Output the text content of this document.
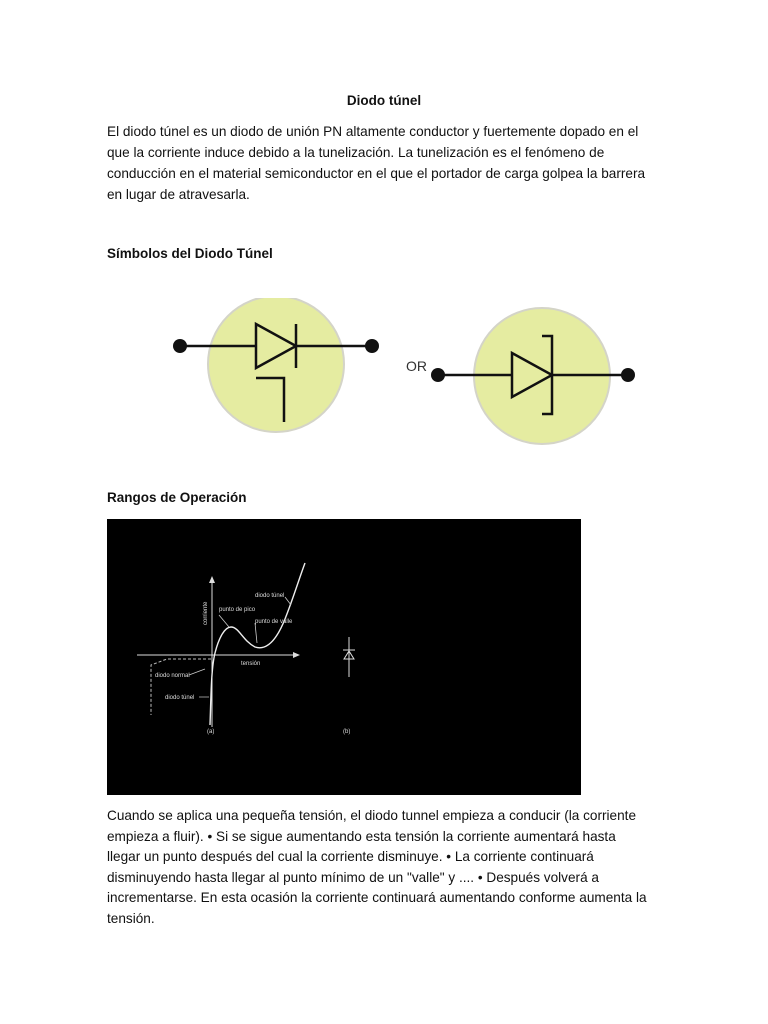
Diodo túnel

El diodo túnel es un diodo de unión PN altamente conductor y fuertemente dopado en el
que la corriente induce debido a la tunelización. La tunelización es el fenómeno de
conducción en el material semiconductor en el que el portador de carga golpea la barrera
en lugar de atravesarla.

Símbolos del Diodo Túnel
OR
Rangos de Operación
diodo túnel
punto de pico
punto de valle
corriente
tensión
diodo normal
diodo túnel
(a)	(b)

Cuando se aplica una pequeña tensión, el diodo tunnel empieza a conducir (la corriente
empieza a fluir). • Si se sigue aumentando esta tensión la corriente aumentará hasta
llegar un punto después del cual la corriente disminuye. • La corriente continuará
disminuyendo hasta llegar al punto mínimo de un "valle" y .... • Después volverá a
incrementarse. En esta ocasión la corriente continuará aumentando conforme aumenta la
tensión.
